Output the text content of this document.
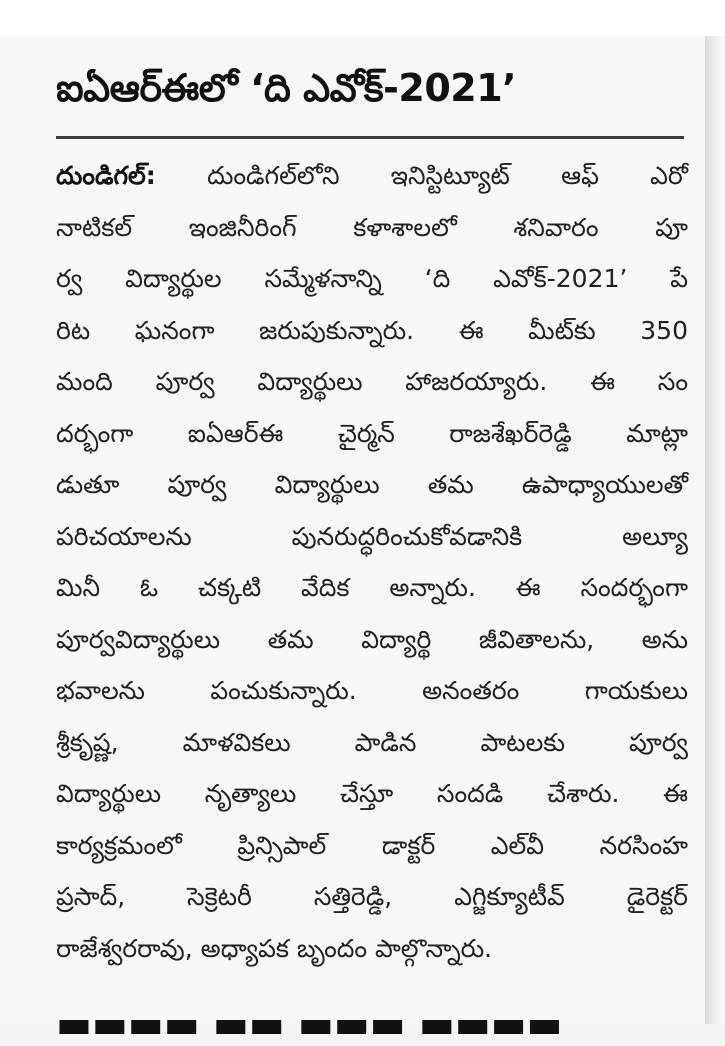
ఐఏఆర్ఈలో ‘ది ఎవోక్-2021’
దుండిగల్: దుండిగల్‌లోని ఇనిస్టిట్యూట్ ఆఫ్ ఎరో
నాటికల్ ఇంజినీరింగ్ కళాశాలలో శనివారం పూ
ర్వ విద్యార్థుల సమ్మేళనాన్ని ‘ది ఎవోక్-2021’ పే
రిట ఘనంగా జరుపుకున్నారు. ఈ మీట్‌కు 350
మంది పూర్వ విద్యార్థులు హాజరయ్యారు. ఈ సం
దర్భంగా ఐఏఆర్ఈ చైర్మన్ రాజశేఖర్‌రెడ్డి మాట్లా
డుతూ పూర్వ విద్యార్థులు తమ ఉపాధ్యాయులతో
పరిచయాలను పునరుద్ధరించుకోవడానికి అల్యూ
మినీ ఓ చక్కటి వేదిక అన్నారు. ఈ సందర్భంగా
పూర్వవిద్యార్థులు తమ విద్యార్థి జీవితాలను, అను
భవాలను పంచుకున్నారు. అనంతరం గాయకులు
శ్రీకృష్ణ, మాళవికలు పాడిన పాటలకు పూర్వ
విద్యార్థులు నృత్యాలు చేస్తూ సందడి చేశారు. ఈ
కార్యక్రమంలో ప్రిన్సిపాల్ డాక్టర్ ఎల్‌వీ నరసింహ
ప్రసాద్, సెక్రెటరీ సత్తిరెడ్డి, ఎగ్జిక్యూటీవ్ డైరెక్టర్
రాజేశ్వరరావు, అధ్యాపక బృందం పాల్గొన్నారు.
▬▬▬▬ ▬▬ ▬▬▬ ▬▬▬▬
